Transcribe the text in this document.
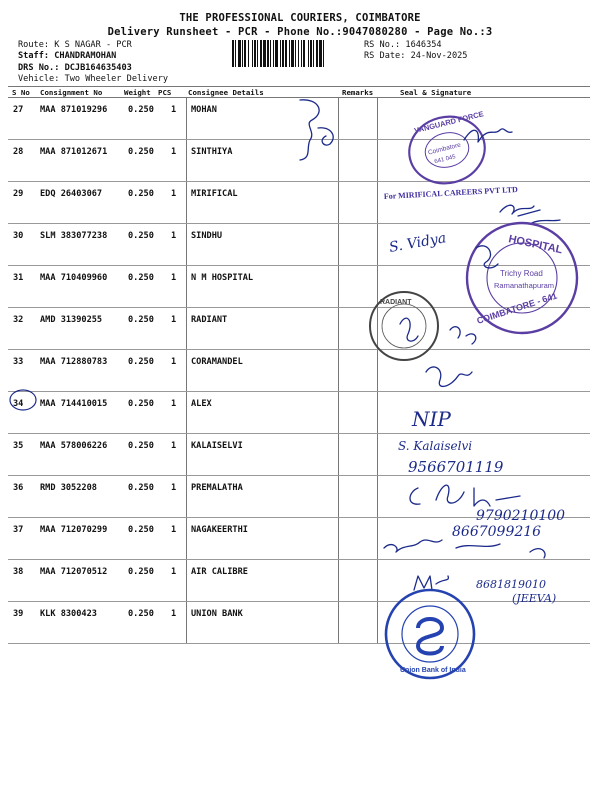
THE PROFESSIONAL COURIERS, COIMBATORE
Delivery Runsheet - PCR - Phone No.:9047080280 - Page No.:3
Route: K S NAGAR - PCR
Staff: CHANDRAMOHAN
DRS No.: DCJB164635403
Vehicle: Two Wheeler Delivery
RS No.: 1646354
RS Date: 24-Nov-2025
S No Consignment No	Weight PCS Consignee Details	Remarks	Seal & Signature
27 MAA 871019296 0.250 1 MOHAN
28 MAA 871012671 0.250 1 SINTHIYA
29 EDQ 26403067	0.250 1 MIRIFICAL
30 SLM 383077238 0.250 1 SINDHU
31 MAA 710409960 0.250 1 N M HOSPITAL
32 AMD 31390255	0.250 1 RADIANT
33 MAA 712880783 0.250 1 CORAMANDEL
34 MAA 714410015 0.250 1 ALEX
35 MAA 578006226 0.250 1 KALAISELVI
36 RMD 3052208	0.250 1 PREMALATHA
37 MAA 712070299 0.250 1 NAGAKEERTHI
38 MAA 712070512 0.250 1 AIR CALIBRE
39 KLK 8300423	0.250 1 UNION BANK
VANGUARD FORCE
Coimbatore
641 045
For MIRIFICAL CAREERS PVT LTD
S. Vidya	HOSPITAL
COIMBATORE - 641
Trichy Road
Ramanathapuram
RADIANT
NIP
S. Kalaiselvi
9566701119
9790210100
8667099216
8681819010
(JEEVA)
Union Bank of India
